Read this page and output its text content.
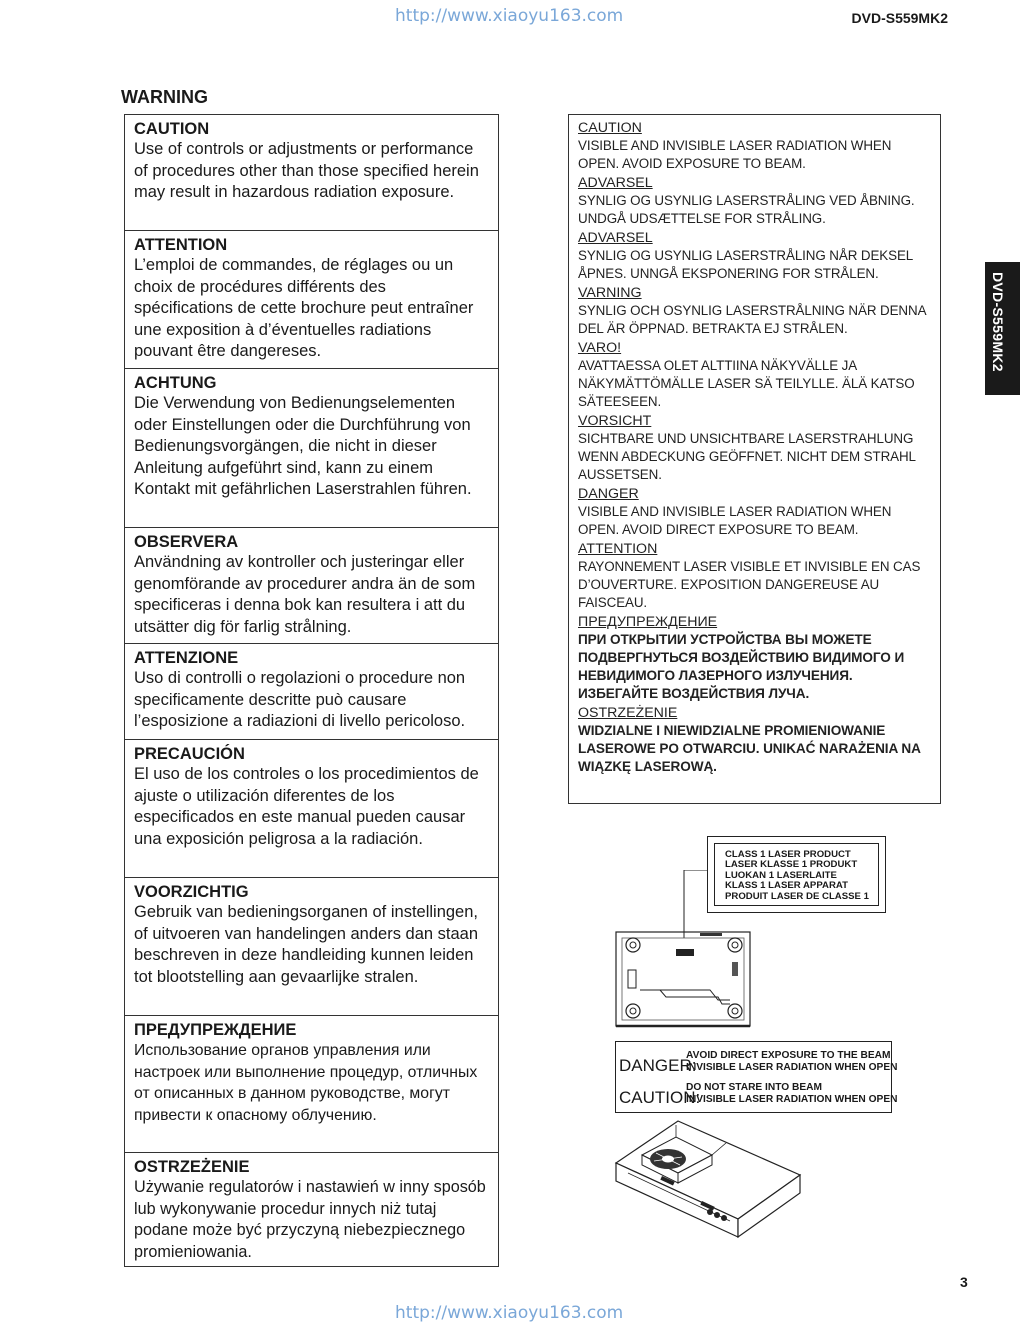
http://www.xiaoyu163.com	DVD-S559MK2
DVD-S559MK2
WARNING
CAUTION
Use of controls or adjustments or performance of procedures other than those specified herein may result in hazardous radiation exposure.
ATTENTION
L’emploi de commandes, de réglages ou un choix de procédures différents des spécifications de cette brochure peut entraîner une exposition à d’éventuelles radiations pouvant être dangereses.
ACHTUNG
Die Verwendung von Bedienungselementen oder Einstellungen oder die Durchführung von Bedienungsvorgängen, die nicht in dieser Anleitung aufgeführt sind, kann zu einem Kontakt mit gefährlichen Laserstrahlen führen.
OBSERVERA
Användning av kontroller och justeringar eller genomförande av procedurer andra än de som specificeras i denna bok kan resultera i att du utsätter dig för farlig strålning.
ATTENZIONE
Uso di controlli o regolazioni o procedure non specificamente descritte può causare l’esposizione a radiazioni di livello pericoloso.
PRECAUCIÓN
El uso de los controles o los procedimientos de ajuste o utilización diferentes de los especificados en este manual pueden causar una exposición peligrosa a la radiación.
VOORZICHTIG
Gebruik van bedieningsorganen of instellingen, of uitvoeren van handelingen anders dan staan beschreven in deze handleiding kunnen leiden tot blootstelling aan gevaarlijke stralen.
ПРЕДУПРЕЖДЕНИЕ
Использование органов управления или настроек или выполнение процедур, отличных от описанных в данном руководстве, могут привести к опасному облучению.
OSTRZEŻENIE
Używanie regulatorów i nastawień w inny sposób lub wykonywanie procedur innych niż tutaj podane może być przyczyną niebezpiecznego promieniowania.
CAUTION
VISIBLE AND INVISIBLE LASER RADIATION WHEN OPEN. AVOID EXPOSURE TO BEAM.
ADVARSEL
SYNLIG OG USYNLIG LASERSTRÅLING VED ÅBNING. UNDGÅ UDSÆTTELSE FOR STRÅLING.
ADVARSEL
SYNLIG OG USYNLIG LASERSTRÅLING NÅR DEKSEL ÅPNES. UNNGÅ EKSPONERING FOR STRÅLEN.
VARNING
SYNLIG OCH OSYNLIG LASERSTRÅLNING NÄR DENNA DEL ÄR ÖPPNAD. BETRAKTA EJ STRÅLEN.
VARO!
AVATTAESSA OLET ALTTIINA NÄKYVÄLLE JA NÄKYMÄTTÖMÄLLE LASER SÄ TEILYLLE. ÄLÄ KATSO SÄTEESEEN.
VORSICHT
SICHTBARE UND UNSICHTBARE LASERSTRAHLUNG WENN ABDECKUNG GEÖFFNET. NICHT DEM STRAHL AUSSETSEN.
DANGER
VISIBLE AND INVISIBLE LASER RADIATION WHEN OPEN. AVOID DIRECT EXPOSURE TO BEAM.
ATTENTION
RAYONNEMENT LASER VISIBLE ET INVISIBLE EN CAS D’OUVERTURE. EXPOSITION DANGEREUSE AU FAISCEAU.
ПРЕДУПРЕЖДЕНИЕ
ПРИ ОТКРЫТИИ УСТРОЙСТВА ВЫ МОЖЕТЕ ПОДВЕРГНУТЬСЯ ВОЗДЕЙСТВИЮ ВИДИМОГО И НЕВИДИМОГО ЛАЗЕРНОГО ИЗЛУЧЕНИЯ. ИЗБЕГАЙТЕ ВОЗДЕЙСТВИЯ ЛУЧА.
OSTRZEŻENIE
WIDZIALNE I NIEWIDZIALNE PROMIENIOWANIE LASEROWE PO OTWARCIU. UNIKAĆ NARAŻENIA NA WIĄZKĘ LASEROWĄ.
CLASS 1 LASER PRODUCT
LASER KLASSE 1 PRODUKT
LUOKAN 1 LASERLAITE
KLASS 1 LASER APPARAT
PRODUIT LASER DE CLASSE 1
DANGER:
AVOID DIRECT EXPOSURE TO THE BEAM
INVISIBLE LASER RADIATION WHEN OPEN
CAUTION:
DO NOT STARE INTO BEAM
INVISIBLE LASER RADIATION WHEN OPEN
3
http://www.xiaoyu163.com
